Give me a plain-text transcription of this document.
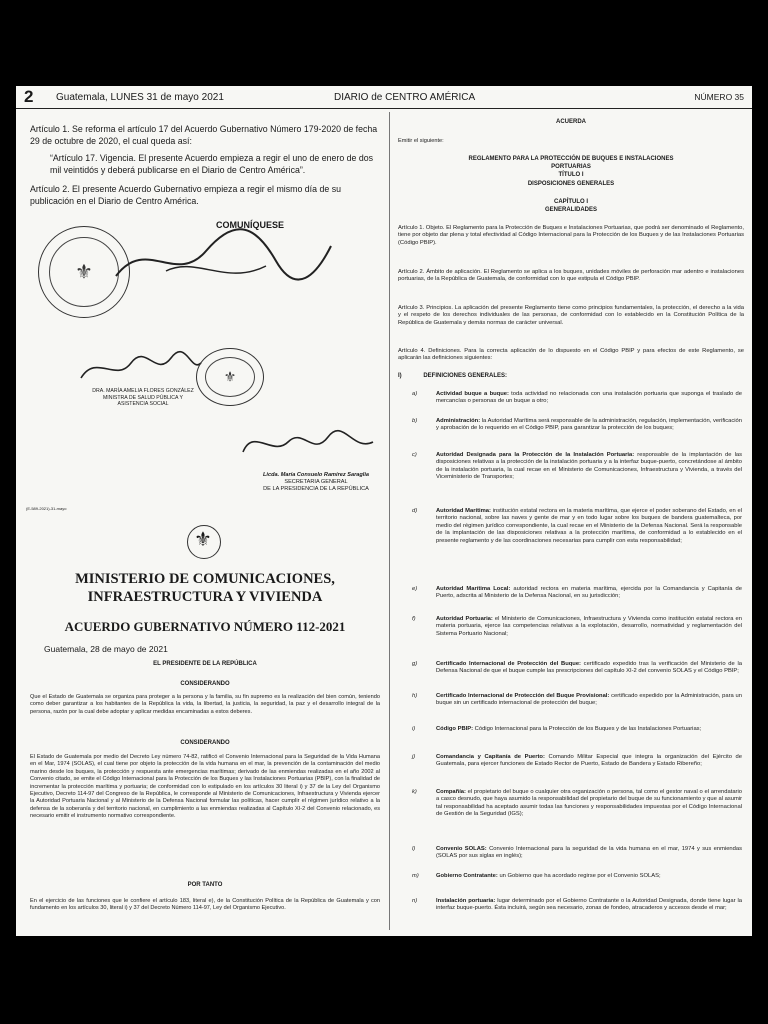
2 Guatemala, LUNES 31 de mayo 2021	DIARIO de CENTRO AMÉRICA	NÚMERO 35

Artículo 1. Se reforma el artículo 17 del Acuerdo Gubernativo Número 179-2020 de fecha 29 de octubre de 2020, el cual queda así:

“Artículo 17. Vigencia. El presente Acuerdo empieza a regir el uno de enero de dos mil veintidós y deberá publicarse en el Diario de Centro América”.

Artículo 2. El presente Acuerdo Gubernativo empieza a regir el mismo día de su publicación en el Diario de Centro América.

COMUNÍQUESE

⚜
⚜

DRA. MARÍA AMELIA FLORES GONZÁLEZ
MINISTRA DE SALUD PÚBLICA Y
ASISTENCIA SOCIAL

Licda. María Consuelo Ramírez Saraglia
SECRETARIA GENERAL
DE LA PRESIDENCIA DE LA REPÚBLICA

(E-589-2021)-31-mayo

⚜

MINISTERIO DE COMUNICACIONES,
INFRAESTRUCTURA Y VIVIENDA

ACUERDO GUBERNATIVO NÚMERO 112-2021

Guatemala, 28 de mayo de 2021

EL PRESIDENTE DE LA REPÚBLICA

CONSIDERANDO

Que el Estado de Guatemala se organiza para proteger a la persona y la familia, su fin supremo es la realización del bien común, teniendo como deber garantizar a los habitantes de la República la vida, la libertad, la justicia, la seguridad, la paz y el desarrollo integral de la persona, razón por la cual debe adoptar y aplicar medidas encaminadas a estos deberes.

CONSIDERANDO

El Estado de Guatemala por medio del Decreto Ley número 74-82, ratificó el Convenio Internacional para la Seguridad de la Vida Humana en el Mar, 1974 (SOLAS), el cual tiene por objeto la protección de la vida humana en el mar, la prevención de la contaminación del medio marino desde los buques, la protección y respuesta ante emergencias marítimas; derivado de las enmiendas realizadas en el año 2002 al Convenio citado, se emite el Código Internacional para la Protección de los Buques y las Instalaciones Portuarias (PBIP), con la finalidad de incrementar la protección marítima y portuaria; de conformidad con lo estipulado en los artículos 30 literal i) y 37 de la Ley del Organismo Ejecutivo, Decreto 114-97 del Congreso de la República, le corresponde al Ministerio de Comunicaciones, Infraestructura y Vivienda ejercer la Autoridad Portuaria Nacional y al Ministerio de la Defensa Nacional formular las políticas, hacer cumplir el régimen jurídico relativo a la defensa de la soberanía y del territorio nacional, en cumplimiento a las enmiendas realizadas al Capítulo XI-2 del Convenio relacionado, es necesario emitir el instrumento normativo correspondiente.

POR TANTO

En el ejercicio de las funciones que le confiere el artículo 183, literal e), de la Constitución Política de la República de Guatemala y con fundamento en los artículos 30, literal i) y 37 del Decreto Número 114-97, Ley del Organismo Ejecutivo.

ACUERDA

Emitir el siguiente:

REGLAMENTO PARA LA PROTECCIÓN DE BUQUES E INSTALACIONES
PORTUARIAS
TÍTULO I
DISPOSICIONES GENERALES

CAPÍTULO I
GENERALIDADES

Artículo 1. Objeto. El Reglamento para la Protección de Buques e Instalaciones Portuarias, que podrá ser denominado el Reglamento, tiene por objeto dar plena y total efectividad al Código Internacional para la Protección de los Buques y de las Instalaciones Portuarias (Código PBIP).

Artículo 2. Ámbito de aplicación. El Reglamento se aplica a los buques, unidades móviles de perforación mar adentro e instalaciones portuarias, de la República de Guatemala, de conformidad con lo que estipula el Código PBIP.

Artículo 3. Principios. La aplicación del presente Reglamento tiene como principios fundamentales, la protección, el derecho a la vida y el respeto de los derechos individuales de las personas, de conformidad con lo establecido en la Constitución Política de la República de Guatemala y demás normas de carácter universal.

Artículo 4. Definiciones. Para la correcta aplicación de lo dispuesto en el Código PBIP y para efectos de este Reglamento, se aplicarán las definiciones siguientes:

I)	DEFINICIONES GENERALES:

a)	Actividad buque a buque: toda actividad no relacionada con una instalación portuaria que suponga el traslado de mercancías o personas de un buque a otro;
b)	Administración: la Autoridad Marítima será responsable de la administración, regulación, implementación, verificación y aprobación de lo requerido en el Código PBIP, para garantizar la protección de los buques;
c)	Autoridad Designada para la Protección de la Instalación Portuaria: responsable de la implantación de las disposiciones relativas a la protección de la instalación portuaria y a la interfaz buque-puerto, concretándose al ámbito de la instalación portuaria, la cual recae en el Ministerio de Comunicaciones, Infraestructura y Vivienda, a través del Viceministerio de Transportes;
d)	Autoridad Marítima: institución estatal rectora en la materia marítima, que ejerce el poder soberano del Estado, en el territorio nacional, sobre las naves y gente de mar y en todo lugar sobre los buques de bandera guatemalteca, por medio del régimen jurídico correspondiente, la cual recae en el Ministerio de la Defensa Nacional. Será la responsable de la implantación de las disposiciones relativas a la protección marítima, de conformidad a lo establecido en el presente reglamento y de las coordinaciones necesarias para cumplir con esta responsabilidad;
e)	Autoridad Marítima Local: autoridad rectora en materia marítima, ejercida por la Comandancia y Capitanía de Puerto, adscrita al Ministerio de la Defensa Nacional, en su jurisdicción;
f)	Autoridad Portuaria: el Ministerio de Comunicaciones, Infraestructura y Vivienda como institución estatal rectora en materia portuaria, ejerce las competencias relativas a la explotación, desarrollo, normatividad y reglamentación del Sistema Portuario Nacional;
g)	Certificado Internacional de Protección del Buque: certificado expedido tras la verificación del Ministerio de la Defensa Nacional de que el buque cumple las prescripciones del capítulo XI-2 del convenio SOLAS y el Código PBIP;
h)	Certificado Internacional de Protección del Buque Provisional: certificado expedido por la Administración, para un buque sin un certificado internacional de protección del buque;
i)	Código PBIP: Código Internacional para la Protección de los Buques y de las Instalaciones Portuarias;
j)	Comandancia y Capitanía de Puerto: Comando Militar Especial que integra la organización del Ejército de Guatemala, para ejercer funciones de Estado Rector de Puerto, Estado de Bandera y Estado Ribereño;
k)	Compañía: el propietario del buque o cualquier otra organización o persona, tal como el gestor naval o el arrendatario a casco desnudo, que haya asumido la responsabilidad del propietario del buque de su funcionamiento y que al asumir tal responsabilidad ha aceptado asumir todas las funciones y responsabilidades impuestas por el Código Internacional de Gestión de la Seguridad (IGS);
l)	Convenio SOLAS: Convenio Internacional para la seguridad de la vida humana en el mar, 1974 y sus enmiendas (SOLAS por sus siglas en inglés);
m)	Gobierno Contratante: un Gobierno que ha acordado regirse por el Convenio SOLAS;
n)	Instalación portuaria: lugar determinado por el Gobierno Contratante o la Autoridad Designada, donde tiene lugar la interfaz buque-puerto. Ésta incluirá, según sea necesario, zonas de fondeo, atracaderos y accesos desde el mar;
